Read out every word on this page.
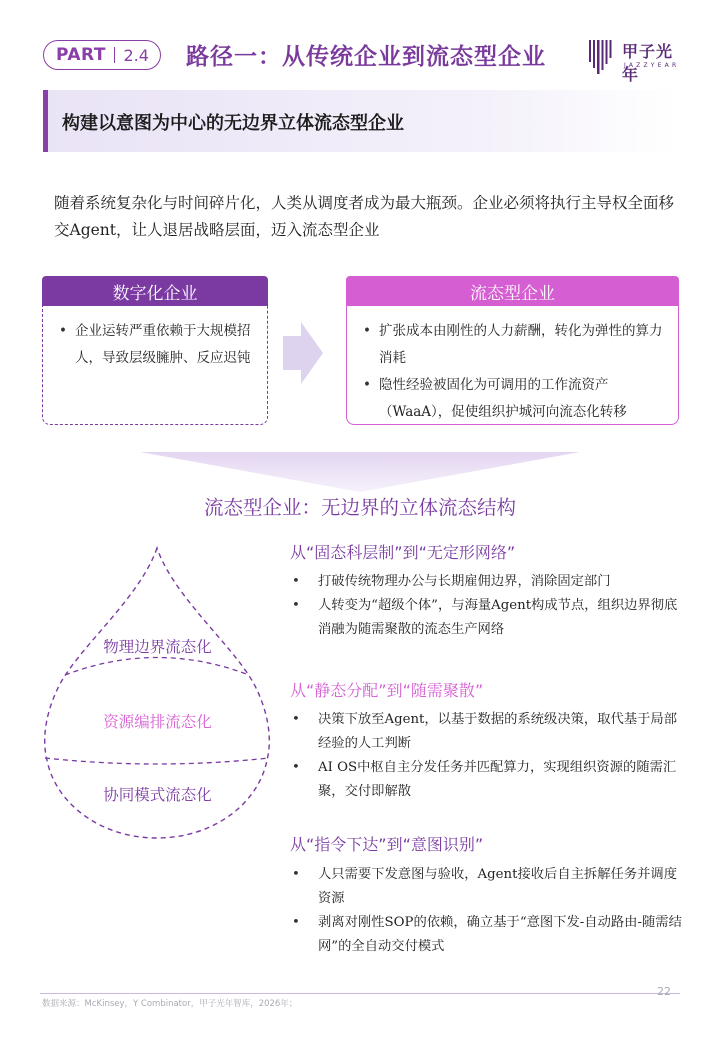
PART 2.4 路径一：从传统企业到流态型企业	甲子光年
JAZZYEAR
构建以意图为中心的无边界立体流态型企业
随着系统复杂化与时间碎片化，人类从调度者成为最大瓶颈。企业必须将执行主导权全面移交Agent，让人退居战略层面，迈入流态型企业
数字化企业
• 企业运转严重依赖于大规模招人，导致层级臃肿、反应迟钝
流态型企业
• 扩张成本由刚性的人力薪酬，转化为弹性的算力消耗
• 隐性经验被固化为可调用的工作流资产（WaaA），促使组织护城河向流态化转移
流态型企业：无边界的立体流态结构
物理边界流态化
资源编排流态化
协同模式流态化
从“固态科层制”到“无定形网络”
• 打破传统物理办公与长期雇佣边界，消除固定部门
• 人转变为“超级个体”，与海量Agent构成节点，组织边界彻底消融为随需聚散的流态生产网络
从“静态分配”到“随需聚散”
• 决策下放至Agent，以基于数据的系统级决策，取代基于局部经验的人工判断
• AI OS中枢自主分发任务并匹配算力，实现组织资源的随需汇聚，交付即解散
从“指令下达”到“意图识别”
• 人只需要下发意图与验收，Agent接收后自主拆解任务并调度资源
• 剥离对刚性SOP的依赖，确立基于“意图下发-自动路由-随需结网”的全自动交付模式
数据来源：McKinsey，Y Combinator，甲子光年智库，2026年；
22
